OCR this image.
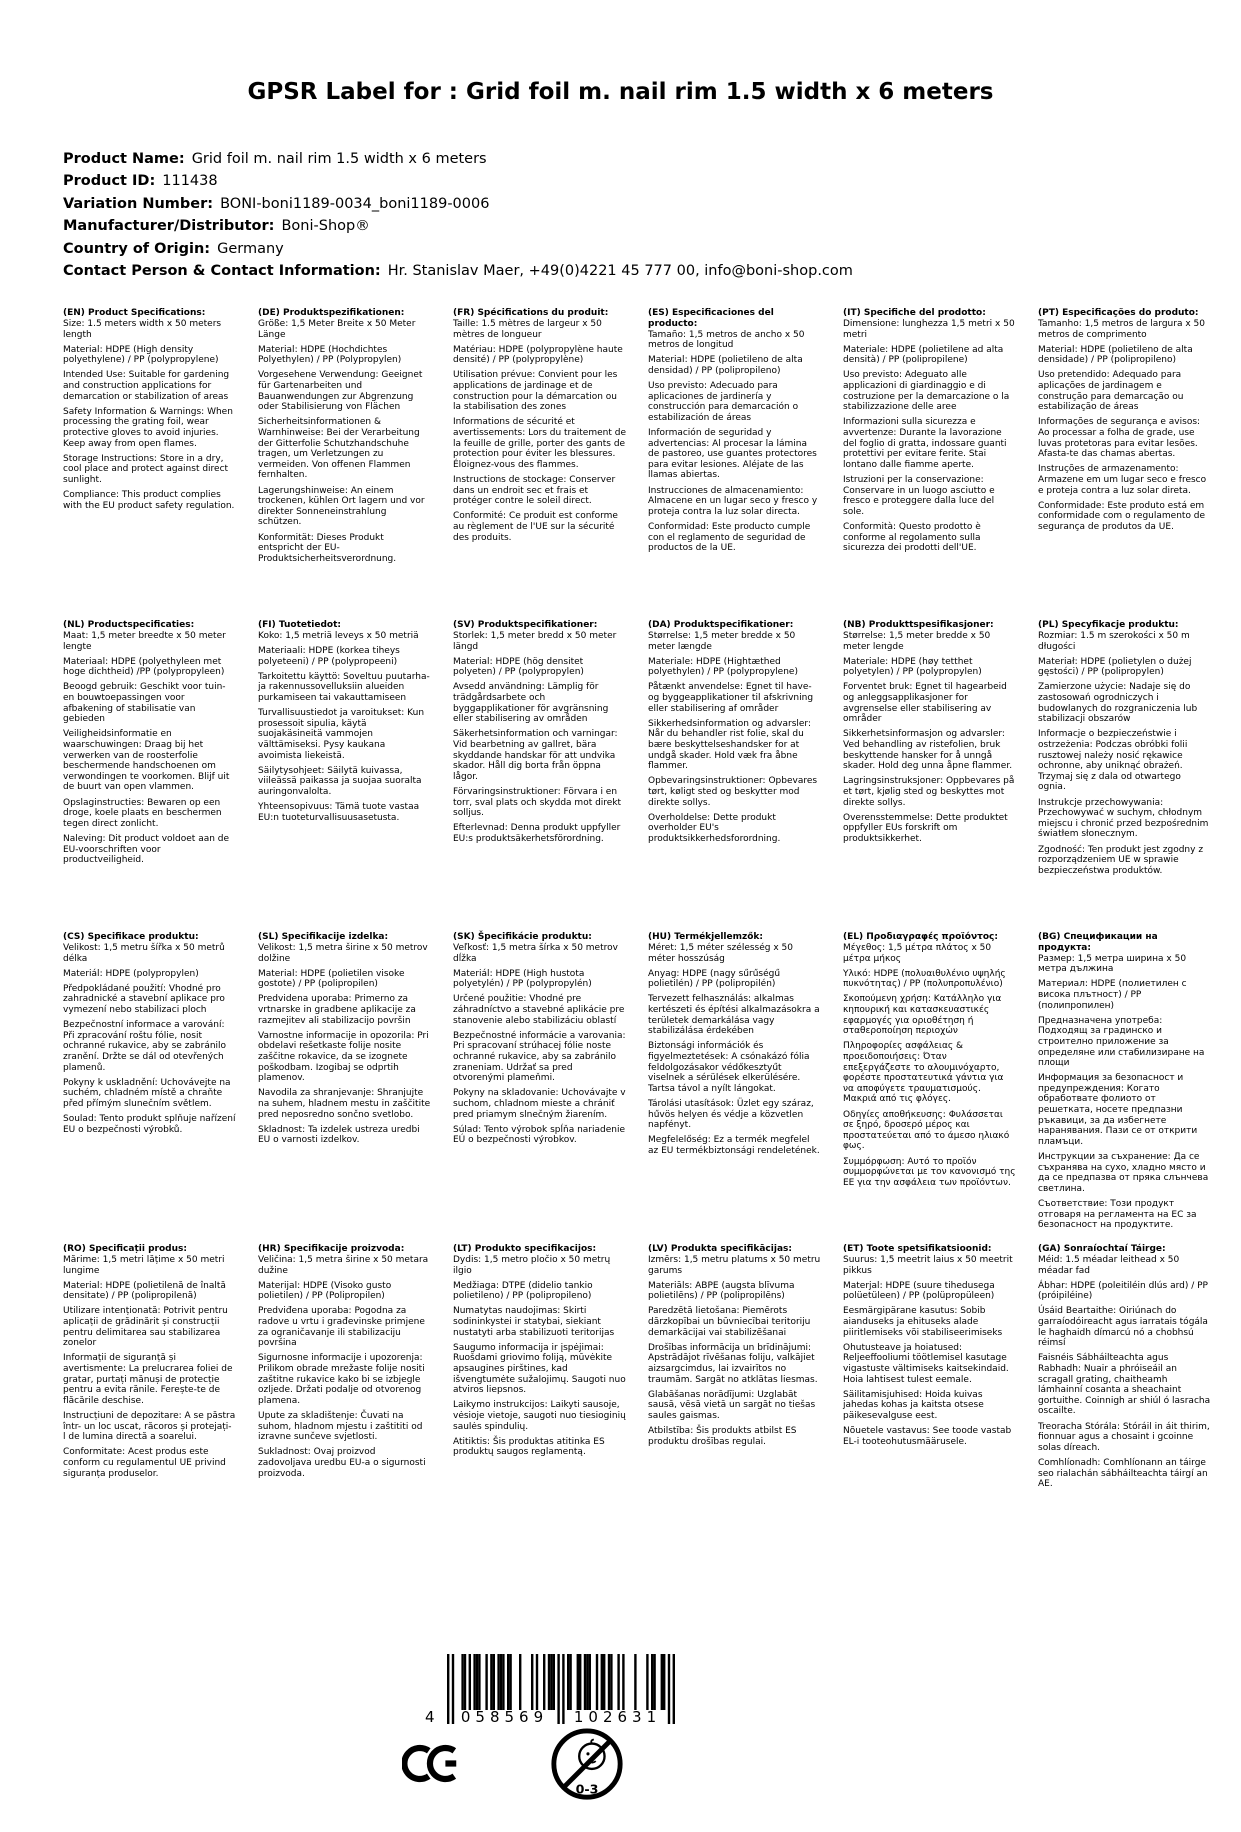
GPSR Label for : Grid foil m. nail rim 1.5 width x 6 meters
Product Name: Grid foil m. nail rim 1.5 width x 6 meters
Product ID: 111438
Variation Number: BONI-boni1189-0034_boni1189-0006
Manufacturer/Distributor: Boni-Shop®
Country of Origin: Germany
Contact Person & Contact Information: Hr. Stanislav Maer, +49(0)4221 45 777 00, info@boni-shop.com
(EN) Product Specifications:

Size: 1.5 meters width x 50 meters length

Material: HDPE (High density polyethylene) / PP (polypropylene)

Intended Use: Suitable for gardening and construction applications for demarcation or stabilization of areas

Safety Information & Warnings: When processing the grating foil, wear protective gloves to avoid injuries. Keep away from open flames.

Storage Instructions: Store in a dry, cool place and protect against direct sunlight.

Compliance: This product complies with the EU product safety regulation.

(DE) Produktspezifikationen:

Größe: 1,5 Meter Breite x 50 Meter Länge

Material: HDPE (Hochdichtes Polyethylen) / PP (Polypropylen)

Vorgesehene Verwendung: Geeignet für Gartenarbeiten und Bauanwendungen zur Abgrenzung oder Stabilisierung von Flächen

Sicherheitsinformationen & Warnhinweise: Bei der Verarbeitung der Gitterfolie Schutzhandschuhe tragen, um Verletzungen zu vermeiden. Von offenen Flammen fernhalten.

Lagerungshinweise: An einem trockenen, kühlen Ort lagern und vor direkter Sonneneinstrahlung schützen.

Konformität: Dieses Produkt entspricht der EU-Produktsicherheitsverordnung.

(FR) Spécifications du produit:

Taille: 1.5 mètres de largeur x 50 mètres de longueur

Matériau: HDPE (polypropylène haute densité) / PP (polypropylène)

Utilisation prévue: Convient pour les applications de jardinage et de construction pour la démarcation ou la stabilisation des zones

Informations de sécurité et avertissements: Lors du traitement de la feuille de grille, porter des gants de protection pour éviter les blessures. Éloignez-vous des flammes.

Instructions de stockage: Conserver dans un endroit sec et frais et protéger contre le soleil direct.

Conformité: Ce produit est conforme au règlement de l'UE sur la sécurité des produits.

(ES) Especificaciones del producto:

Tamaño: 1,5 metros de ancho x 50 metros de longitud

Material: HDPE (polietileno de alta densidad) / PP (polipropileno)

Uso previsto: Adecuado para aplicaciones de jardinería y construcción para demarcación o estabilización de áreas

Información de seguridad y advertencias: Al procesar la lámina de pastoreo, use guantes protectores para evitar lesiones. Aléjate de las llamas abiertas.

Instrucciones de almacenamiento: Almacene en un lugar seco y fresco y proteja contra la luz solar directa.

Conformidad: Este producto cumple con el reglamento de seguridad de productos de la UE.

(IT) Specifiche del prodotto:

Dimensione: lunghezza 1,5 metri x 50 metri

Materiale: HDPE (polietilene ad alta densità) / PP (polipropilene)

Uso previsto: Adeguato alle applicazioni di giardinaggio e di costruzione per la demarcazione o la stabilizzazione delle aree

Informazioni sulla sicurezza e avvertenze: Durante la lavorazione del foglio di gratta, indossare guanti protettivi per evitare ferite. Stai lontano dalle fiamme aperte.

Istruzioni per la conservazione: Conservare in un luogo asciutto e fresco e proteggere dalla luce del sole.

Conformità: Questo prodotto è conforme al regolamento sulla sicurezza dei prodotti dell'UE.

(PT) Especificações do produto:

Tamanho: 1,5 metros de largura x 50 metros de comprimento

Material: HDPE (polietileno de alta densidade) / PP (polipropileno)

Uso pretendido: Adequado para aplicações de jardinagem e construção para demarcação ou estabilização de áreas

Informações de segurança e avisos: Ao processar a folha de grade, use luvas protetoras para evitar lesões. Afasta-te das chamas abertas.

Instruções de armazenamento: Armazene em um lugar seco e fresco e proteja contra a luz solar direta.

Conformidade: Este produto está em conformidade com o regulamento de segurança de produtos da UE.

(NL) Productspecificaties:

Maat: 1,5 meter breedte x 50 meter lengte

Materiaal: HDPE (polyethyleen met hoge dichtheid) /PP (polypropyleen)

Beoogd gebruik: Geschikt voor tuin- en bouwtoepassingen voor afbakening of stabilisatie van gebieden

Veiligheidsinformatie en waarschuwingen: Draag bij het verwerken van de roosterfolie beschermende handschoenen om verwondingen te voorkomen. Blijf uit de buurt van open vlammen.

Opslaginstructies: Bewaren op een droge, koele plaats en beschermen tegen direct zonlicht.

Naleving: Dit product voldoet aan de EU-voorschriften voor productveiligheid.

(FI) Tuotetiedot:

Koko: 1,5 metriä leveys x 50 metriä

Materiaali: HDPE (korkea tiheys polyeteeni) / PP (polypropeeni)

Tarkoitettu käyttö: Soveltuu puutarha- ja rakennussovelluksiin alueiden purkamiseen tai vakauttamiseen

Turvallisuustiedot ja varoitukset: Kun prosessoit sipulia, käytä suojakäsineitä vammojen välttämiseksi. Pysy kaukana avoimista liekeistä.

Säilytysohjeet: Säilytä kuivassa, viileässä paikassa ja suojaa suoralta auringonvalolta.

Yhteensopivuus: Tämä tuote vastaa EU:n tuoteturvallisuusasetusta.

(SV) Produktspecifikationer:

Storlek: 1,5 meter bredd x 50 meter längd

Material: HDPE (hög densitet polyeten) / PP (polypropylen)

Avsedd användning: Lämplig för trädgårdsarbete och byggapplikationer för avgränsning eller stabilisering av områden

Säkerhetsinformation och varningar: Vid bearbetning av gallret, bära skyddande handskar för att undvika skador. Håll dig borta från öppna lågor.

Förvaringsinstruktioner: Förvara i en torr, sval plats och skydda mot direkt solljus.

Efterlevnad: Denna produkt uppfyller EU:s produktsäkerhetsförordning.

(DA) Produktspecifikationer:

Størrelse: 1,5 meter bredde x 50 meter længde

Materiale: HDPE (Hightæthed polyethylen) / PP (polypropylene)

Påtænkt anvendelse: Egnet til have- og byggeapplikationer til afskrivning eller stabilisering af områder

Sikkerhedsinformation og advarsler: Når du behandler rist folie, skal du bære beskyttelseshandsker for at undgå skader. Hold væk fra åbne flammer.

Opbevaringsinstruktioner: Opbevares tørt, køligt sted og beskytter mod direkte sollys.

Overholdelse: Dette produkt overholder EU's produktsikkerhedsforordning.

(NB) Produkttspesifikasjoner:

Størrelse: 1,5 meter bredde x 50 meter lengde

Materiale: HDPE (høy tetthet polyetylen) / PP (polypropylen)

Forventet bruk: Egnet til hagearbeid og anleggsapplikasjoner for avgrenselse eller stabilisering av områder

Sikkerhetsinformasjon og advarsler: Ved behandling av ristefolien, bruk beskyttende hansker for å unngå skader. Hold deg unna åpne flammer.

Lagringsinstruksjoner: Oppbevares på et tørt, kjølig sted og beskyttes mot direkte sollys.

Overensstemmelse: Dette produktet oppfyller EUs forskrift om produktsikkerhet.

(PL) Specyfikacje produktu:

Rozmiar: 1.5 m szerokości x 50 m długości

Materiał: HDPE (polietylen o dużej gęstości) / PP (polipropylen)

Zamierzone użycie: Nadaje się do zastosowań ogrodniczych i budowlanych do rozgraniczenia lub stabilizacji obszarów

Informacje o bezpieczeństwie i ostrzeżenia: Podczas obróbki folii rusztowej należy nosić rękawice ochronne, aby uniknąć obrażeń. Trzymaj się z dala od otwartego ognia.

Instrukcje przechowywania: Przechowywać w suchym, chłodnym miejscu i chronić przed bezpośrednim światłem słonecznym.

Zgodność: Ten produkt jest zgodny z rozporządzeniem UE w sprawie bezpieczeństwa produktów.

(CS) Specifikace produktu:

Velikost: 1,5 metru šířka x 50 metrů délka

Materiál: HDPE (polypropylen)

Předpokládané použití: Vhodné pro zahradnické a stavební aplikace pro vymezení nebo stabilizaci ploch

Bezpečnostní informace a varování: Při zpracování roštu fólie, nosit ochranné rukavice, aby se zabránilo zranění. Držte se dál od otevřených plamenů.

Pokyny k uskladnění: Uchovávejte na suchém, chladném místě a chraňte před přímým slunečním světlem.

Soulad: Tento produkt splňuje nařízení EU o bezpečnosti výrobků.

(SL) Specifikacije izdelka:

Velikost: 1,5 metra širine x 50 metrov dolžine

Material: HDPE (polietilen visoke gostote) / PP (polipropilen)

Predvidena uporaba: Primerno za vrtnarske in gradbene aplikacije za razmejitev ali stabilizacijo površin

Varnostne informacije in opozorila: Pri obdelavi rešetkaste folije nosite zaščitne rokavice, da se izognete poškodbam. Izogibaj se odprtih plamenov.

Navodila za shranjevanje: Shranjujte na suhem, hladnem mestu in zaščitite pred neposredno sončno svetlobo.

Skladnost: Ta izdelek ustreza uredbi EU o varnosti izdelkov.

(SK) Špecifikácie produktu:

Veľkosť: 1,5 metra šírka x 50 metrov dĺžka

Materiál: HDPE (High hustota polyetylén) / PP (polypropylén)

Určené použitie: Vhodné pre záhradníctvo a stavebné aplikácie pre stanovenie alebo stabilizáciu oblastí

Bezpečnostné informácie a varovania: Pri spracovaní strúhacej fólie noste ochranné rukavice, aby sa zabránilo zraneniam. Udržať sa pred otvorenými plameňmi.

Pokyny na skladovanie: Uchovávajte v suchom, chladnom mieste a chrániť pred priamym slnečným žiarením.

Súlad: Tento výrobok spĺňa nariadenie EÚ o bezpečnosti výrobkov.

(HU) Termékjellemzők:

Méret: 1,5 méter szélesség x 50 méter hosszúság

Anyag: HDPE (nagy sűrűségű polietilén) / PP (polipropilén)

Tervezett felhasználás: alkalmas kertészeti és építési alkalmazásokra a területek demarkálása vagy stabilizálása érdekében

Biztonsági információk és figyelmeztetések: A csónakázó fólia feldolgozásakor védőkesztyűt viselnek a sérülések elkerülésére. Tartsa távol a nyílt lángokat.

Tárolási utasítások: Üzlet egy száraz, hűvös helyen és védje a közvetlen napfényt.

Megfelelőség: Ez a termék megfelel az EU termékbiztonsági rendeletének.

(EL) Προδιαγραφές προϊόντος:

Μέγεθος: 1,5 μέτρα πλάτος x 50 μέτρα μήκος

Υλικό: HDPE (πολυαιθυλένιο υψηλής πυκνότητας) / PP (πολυπροπυλένιο)

Σκοπούμενη χρήση: Κατάλληλο για κηπουρική και κατασκευαστικές εφαρμογές για οριοθέτηση ή σταθεροποίηση περιοχών

Πληροφορίες ασφάλειας & προειδοποιήσεις: Όταν επεξεργάζεστε το αλουμινόχαρτο, φορέστε προστατευτικά γάντια για να αποφύγετε τραυματισμούς. Μακριά από τις φλόγες.

Οδηγίες αποθήκευσης: Φυλάσσεται σε ξηρό, δροσερό μέρος και προστατεύεται από το άμεσο ηλιακό φως.

Συμμόρφωση: Αυτό το προϊόν συμμορφώνεται με τον κανονισμό της ΕΕ για την ασφάλεια των προϊόντων.

(BG) Спецификации на продукта:

Размер: 1,5 метра ширина x 50 метра дължина

Материал: HDPE (полиетилен с висока плътност) / PP (полипропилен)

Предназначена употреба: Подходящ за градинско и строително приложение за определяне или стабилизиране на площи

Информация за безопасност и предупреждения: Когато обработвате фолиото от решетката, носете предпазни ръкавици, за да избегнете наранявания. Пази се от открити пламъци.

Инструкции за съхранение: Да се съхранява на сухо, хладно място и да се предпазва от пряка слънчева светлина.

Съответствие: Този продукт отговаря на регламента на ЕС за безопасност на продуктите.

(RO) Specificații produs:

Mărime: 1,5 metri lățime x 50 metri lungime

Material: HDPE (polietilenă de înaltă densitate) / PP (polipropilenă)

Utilizare intenționată: Potrivit pentru aplicații de grădinărit și construcții pentru delimitarea sau stabilizarea zonelor

Informații de siguranță și avertismente: La prelucrarea foliei de gratar, purtați mănuși de protecție pentru a evita rănile. Ferește-te de flăcările deschise.

Instrucțiuni de depozitare: A se păstra într- un loc uscat, răcoros și protejați- l de lumina directă a soarelui.

Conformitate: Acest produs este conform cu regulamentul UE privind siguranța produselor.

(HR) Specifikacije proizvoda:

Veličina: 1,5 metra širine x 50 metara dužine

Materijal: HDPE (Visoko gusto polietilen) / PP (Polipropilen)

Predviđena uporaba: Pogodna za radove u vrtu i građevinske primjene za ograničavanje ili stabilizaciju površina

Sigurnosne informacije i upozorenja: Prilikom obrade mrežaste folije nositi zaštitne rukavice kako bi se izbjegle ozljede. Držati podalje od otvorenog plamena.

Upute za skladištenje: Čuvati na suhom, hladnom mjestu i zaštititi od izravne sunčeve svjetlosti.

Sukladnost: Ovaj proizvod zadovoljava uredbu EU-a o sigurnosti proizvoda.

(LT) Produkto specifikacijos:

Dydis: 1,5 metro pločio x 50 metrų ilgio

Medžiaga: DTPE (didelio tankio polietileno) / PP (polipropileno)

Numatytas naudojimas: Skirti sodininkystei ir statybai, siekiant nustatyti arba stabilizuoti teritorijas

Saugumo informacija ir įspėjimai: Ruošdami griovimo foliją, mūvėkite apsaugines pirštines, kad išvengtumėte sužalojimų. Saugoti nuo atviros liepsnos.

Laikymo instrukcijos: Laikyti sausoje, vėsioje vietoje, saugoti nuo tiesioginių saulės spindulių.

Atitiktis: Šis produktas atitinka ES produktų saugos reglamentą.

(LV) Produkta specifikācijas:

Izmērs: 1,5 metru platums x 50 metru garums

Materiāls: ABPE (augsta blīvuma polietilēns) / PP (polipropilēns)

Paredzētā lietošana: Piemērots dārzkopībai un būvniecībai teritoriju demarkācijai vai stabilizēšanai

Drošības informācija un brīdinājumi: Apstrādājot rīvēšanas foliju, valkājiet aizsargcimdus, lai izvairītos no traumām. Sargāt no atklātas liesmas.

Glabāšanas norādījumi: Uzglabāt sausā, vēsā vietā un sargāt no tiešas saules gaismas.

Atbilstība: Šis produkts atbilst ES produktu drošības regulai.

(ET) Toote spetsifikatsioonid:

Suurus: 1,5 meetrit laius x 50 meetrit pikkus

Materjal: HDPE (suure tihedusega polüetüleen) / PP (polüpropüleen)

Eesmärgipärane kasutus: Sobib aianduseks ja ehituseks alade piiritlemiseks või stabiliseerimiseks

Ohutusteave ja hoiatused: Reljeeffooliumi töötlemisel kasutage vigastuste vältimiseks kaitsekindaid. Hoia lahtisest tulest eemale.

Säilitamisjuhised: Hoida kuivas jahedas kohas ja kaitsta otsese päikesevalguse eest.

Nõuetele vastavus: See toode vastab EL-i tooteohutusmäärusele.

(GA) Sonraíochtaí Táirge:

Méid: 1.5 méadar leithead x 50 méadar fad

Ábhar: HDPE (poleitiléin dlús ard) / PP (próipiléine)

Úsáid Beartaithe: Oiriúnach do garraíodóireacht agus iarratais tógála le haghaidh dímarcú nó a chobhsú réimsí

Faisnéis Sábháilteachta agus Rabhadh: Nuair a phróiseáil an scragall grating, chaitheamh lámhainní cosanta a sheachaint gortuithe. Coinnigh ar shiúl ó lasracha oscailte.

Treoracha Stórála: Stóráil in áit thirim, fionnuar agus a chosaint i gcoinne solas díreach.

Comhlíonadh: Comhlíonann an táirge seo rialachán sábháilteachta táirgí an AE.

4	058569	102631
0-3
